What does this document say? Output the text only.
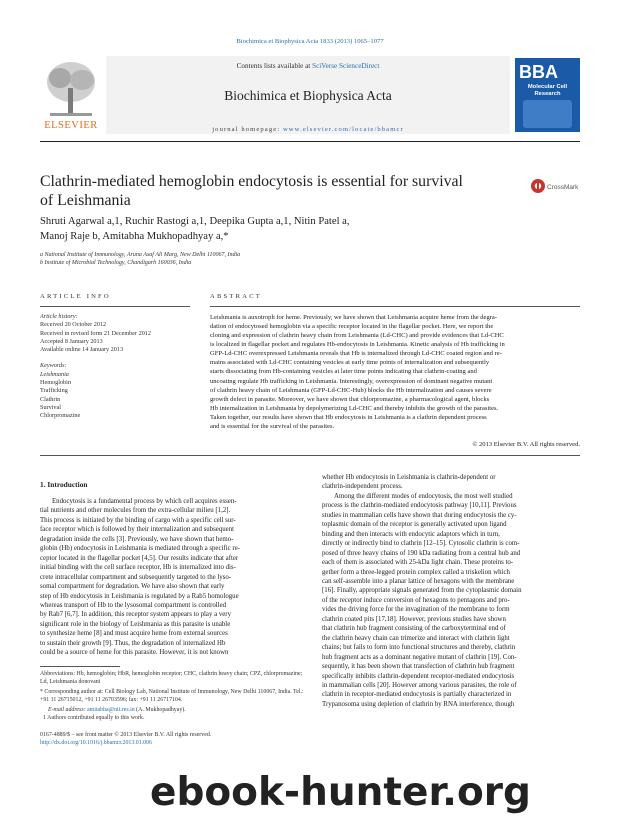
Biochimica et Biophysica Acta 1833 (2013) 1065–1077
Contents lists available at SciVerse ScienceDirect
Biochimica et Biophysica Acta
journal homepage: www.elsevier.com/locate/bbamcr
ELSEVIER
BBA
Molecular Cell Research
Clathrin-mediated hemoglobin endocytosis is essential for survival
of Leishmania
CrossMark
Shruti Agarwal a,1, Ruchir Rastogi a,1, Deepika Gupta a,1, Nitin Patel a,
Manoj Raje b, Amitabha Mukhopadhyay a,*
a National Institute of Immunology, Aruna Asaf Ali Marg, New Delhi 110067, India
b Institute of Microbial Technology, Chandigarh 160036, India
ARTICLE INFO	ABSTRACT
Article history:
Received 20 October 2012
Received in revised form 21 December 2012
Accepted 8 January 2013
Available online 14 January 2013
Keywords:
Leishmania
Hemoglobin
Trafficking
Clathrin
Survival
Chlorpromazine
Leishmania is auxotroph for heme. Previously, we have shown that Leishmania acquire heme from the degra-
dation of endocytosed hemoglobin via a specific receptor located in the flagellar pocket. Here, we report the
cloning and expression of clathrin heavy chain from Leishmania (Ld-CHC) and provide evidences that Ld-CHC
is localized in flagellar pocket and regulates Hb-endocytosis in Leishmania. Kinetic analysis of Hb trafficking in
GFP-Ld-CHC overexpressed Leishmania reveals that Hb is internalized through Ld-CHC coated region and re-
mains associated with Ld-CHC containing vesicles at early time points of internalization and subsequently
starts dissociating from Hb-containing vesicles at later time points indicating that clathrin-coating and
uncoating regulate Hb trafficking in Leishmania. Interestingly, overexpression of dominant negative mutant
of clathrin heavy chain of Leishmania (GFP-Ld-CHC-Hub) blocks the Hb internalization and causes severe
growth defect in parasite. Moreover, we have shown that chlorpromazine, a pharmacological agent, blocks
Hb internalization in Leishmania by depolymerizing Ld-CHC and thereby inhibits the growth of the parasites.
Taken together, our results have shown that Hb endocytosis in Leishmania is a clathrin dependent process
and is essential for the survival of the parasites.
© 2013 Elsevier B.V. All rights reserved.
1. Introduction
Endocytosis is a fundamental process by which cell acquires essen-
tial nutrients and other molecules from the extra-cellular milieu [1,2].
This process is initiated by the binding of cargo with a specific cell sur-
face receptor which is followed by their internalization and subsequent
degradation inside the cells [3]. Previously, we have shown that hemo-
globin (Hb) endocytosis in Leishmania is mediated through a specific re-
ceptor located in the flagellar pocket [4,5]. Our results indicate that after
initial binding with the cell surface receptor, Hb is internalized into dis-
crete intracellular compartment and subsequently targeted to the lyso-
somal compartment for degradation. We have also shown that early
step of Hb endocytosis in Leishmania is regulated by a Rab5 homologue
whereas transport of Hb to the lysosomal compartment is controlled
by Rab7 [6,7]. In addition, this receptor system appears to play a very
significant role in the biology of Leishmania as this parasite is unable
to synthesize heme [8] and must acquire heme from external sources
to sustain their growth [9]. Thus, the degradation of internalized Hb
could be a source of heme for this parasite. However, it is not known
whether Hb endocytosis in Leishmania is clathrin-dependent or
clathrin-independent process.
Among the different modes of endocytosis, the most well studied
process is the clathrin-mediated endocytosis pathway [10,11]. Previous
studies in mammalian cells have shown that during endocytosis the cy-
toplasmic domain of the receptor is generally activated upon ligand
binding and then interacts with endocytic adaptors which in turn,
directly or indirectly bind to clathrin [12–15]. Cytosolic clathrin is com-
posed of three heavy chains of 190 kDa radiating from a central hub and
each of them is associated with 25-kDa light chain. These proteins to-
gether form a three-legged protein complex called a triskelion which
can self-assemble into a planar lattice of hexagons with the membrane
[16]. Finally, appropriate signals generated from the cytoplasmic domain
of the receptor induce conversion of hexagons to pentagons and pro-
vides the driving force for the invagination of the membrane to form
clathrin coated pits [17,18]. However, previous studies have shown
that clathrin hub fragment consisting of the carboxyterminal end of
the clathrin heavy chain can trimerize and interact with clathrin light
chains; but fails to form into functional structures and thereby, clathrin
hub fragment acts as a dominant negative mutant of clathrin [19]. Con-
sequently, it has been shown that transfection of clathrin hub fragment
specifically inhibits clathrin-dependent receptor-mediated endocytosis
in mammalian cells [20]. However among various parasites, the role of
clathrin in receptor-mediated endocytosis is partially characterized in
Trypanosoma using depletion of clathrin by RNA interference, though
Abbreviations: Hb, hemoglobin; HbR, hemoglobin receptor; CHC, clathrin heavy chain; CPZ, chlorpromazine; Ld, Leishmania donovani
* Corresponding author at: Cell Biology Lab, National Institute of Immunology, New Delhi 110067, India. Tel.: +91 11 26715012, +91 11 26703596; fax: +91 11 26717104.
E-mail address: amitabha@nii.res.in (A. Mukhopadhyay).
1 Authors contributed equally to this work.
0167-4889/$ – see front matter © 2013 Elsevier B.V. All rights reserved.
http://dx.doi.org/10.1016/j.bbamcr.2013.01.006
ebook-hunter.org
